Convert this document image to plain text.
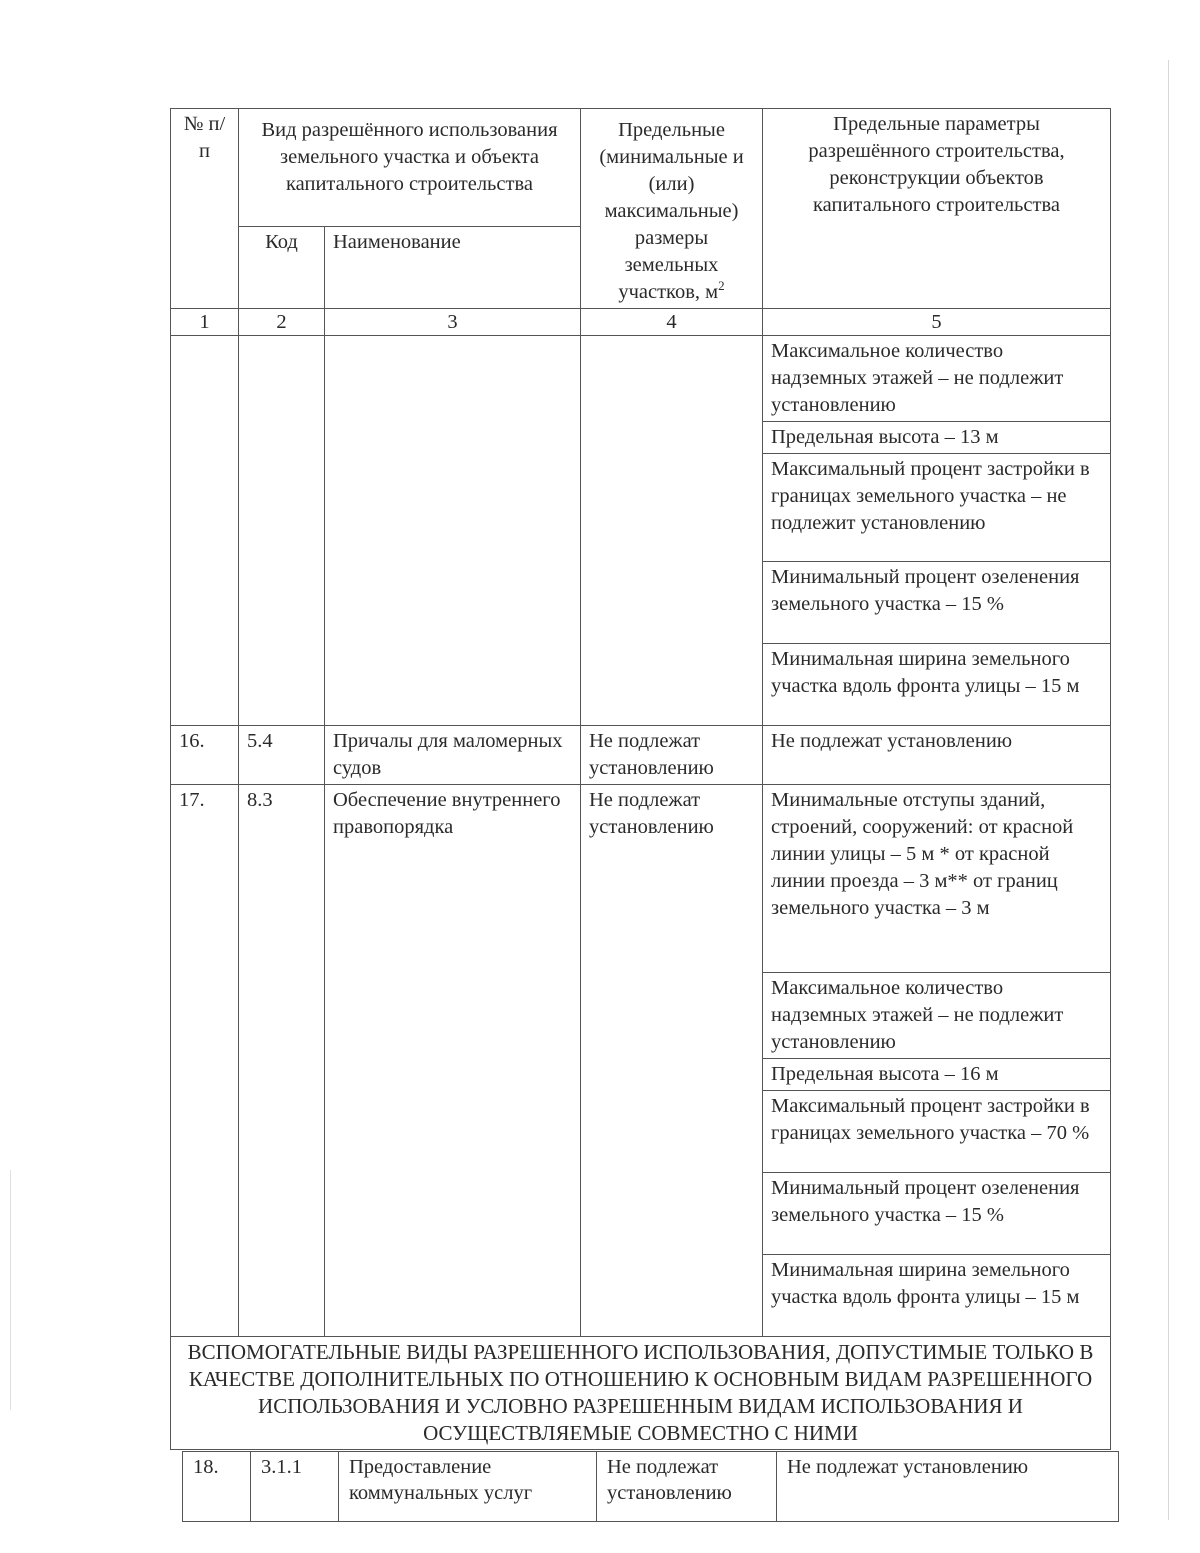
№ п/п	Вид разрешённого использования земельного участка и объекта капитального строительства		Предельные (минимальные и (или) максимальные) размеры земельных участков, $м^2$	Предельные параметры разрешённого строительства, реконструкции объектов капитального строительства
	Код	Наименование		
1	2	3	4	5
				Максимальное количество надземных этажей – не подлежит установлению
				Предельная высота – 13 м
				Максимальный процент застройки в границах земельного участка – не подлежит установлению
				Минимальный процент озеленения земельного участка – 15 %
				Минимальная ширина земельного участка вдоль фронта улицы – 15 м
16.	5.4	Причалы для маломерных судов	Не подлежат установлению	Не подлежат установлению
17.	8.3	Обеспечение внутреннего правопорядка	Не подлежат установлению	Минимальные отступы зданий, строений, сооружений: от красной линии улицы – 5 м * от красной линии проезда – 3 м** от границ земельного участка – 3 м
				Максимальное количество надземных этажей – не подлежит установлению
				Предельная высота – 16 м
				Максимальный процент застройки в границах земельного участка – 70 %
				Минимальный процент озеленения земельного участка – 15 %
				Минимальная ширина земельного участка вдоль фронта улицы – 15 м
ВСПОМОГАТЕЛЬНЫЕ ВИДЫ РАЗРЕШЕННОГО ИСПОЛЬЗОВАНИЯ, ДОПУСТИМЫЕ ТОЛЬКО В КАЧЕСТВЕ ДОПОЛНИТЕЛЬНЫХ ПО ОТНОШЕНИЮ К ОСНОВНЫМ ВИДАМ РАЗРЕШЕННОГО ИСПОЛЬЗОВАНИЯ И УСЛОВНО РАЗРЕШЕННЫМ ВИДАМ ИСПОЛЬЗОВАНИЯ И ОСУЩЕСТВЛЯЕМЫЕ СОВМЕСТНО С НИМИ				
18.	3.1.1	Предоставление коммунальных услуг	Не подлежат установлению	Не подлежат установлению
